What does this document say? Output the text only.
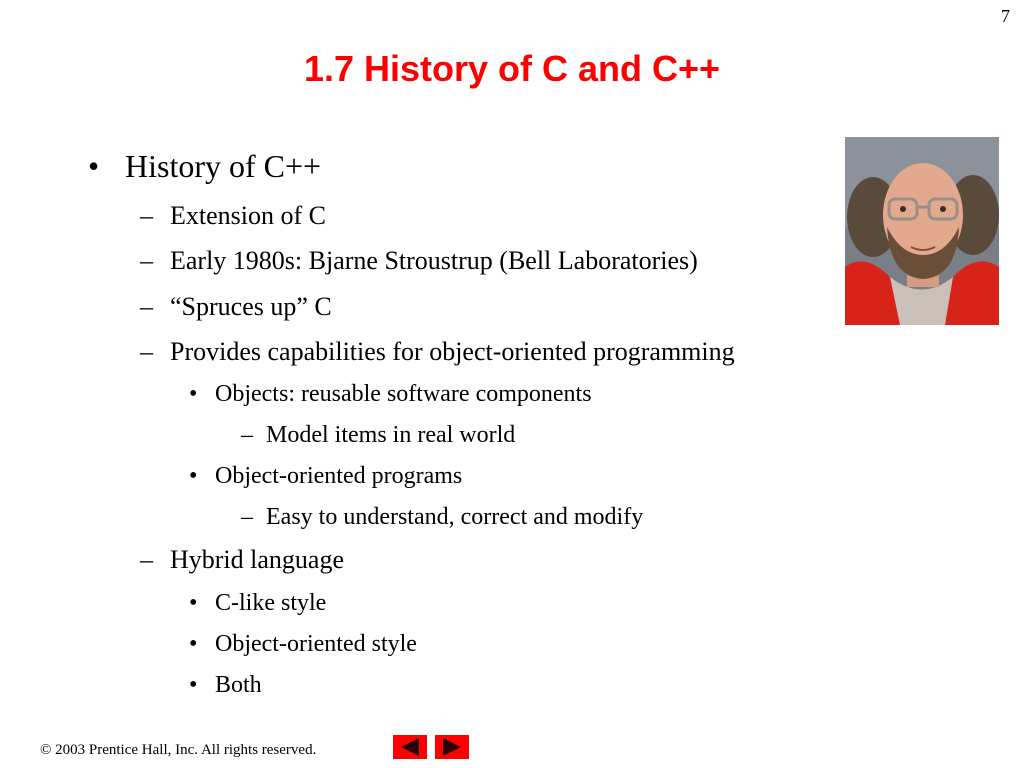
7
1.7 History of C and C++
• History of C++
– Extension of C
– Early 1980s: Bjarne Stroustrup (Bell Laboratories)
– “Spruces up” C
– Provides capabilities for object-oriented programming
• Objects: reusable software components
– Model items in real world
• Object-oriented programs
– Easy to understand, correct and modify
– Hybrid language
• C-like style
• Object-oriented style
• Both
© 2003 Prentice Hall, Inc. All rights reserved.
